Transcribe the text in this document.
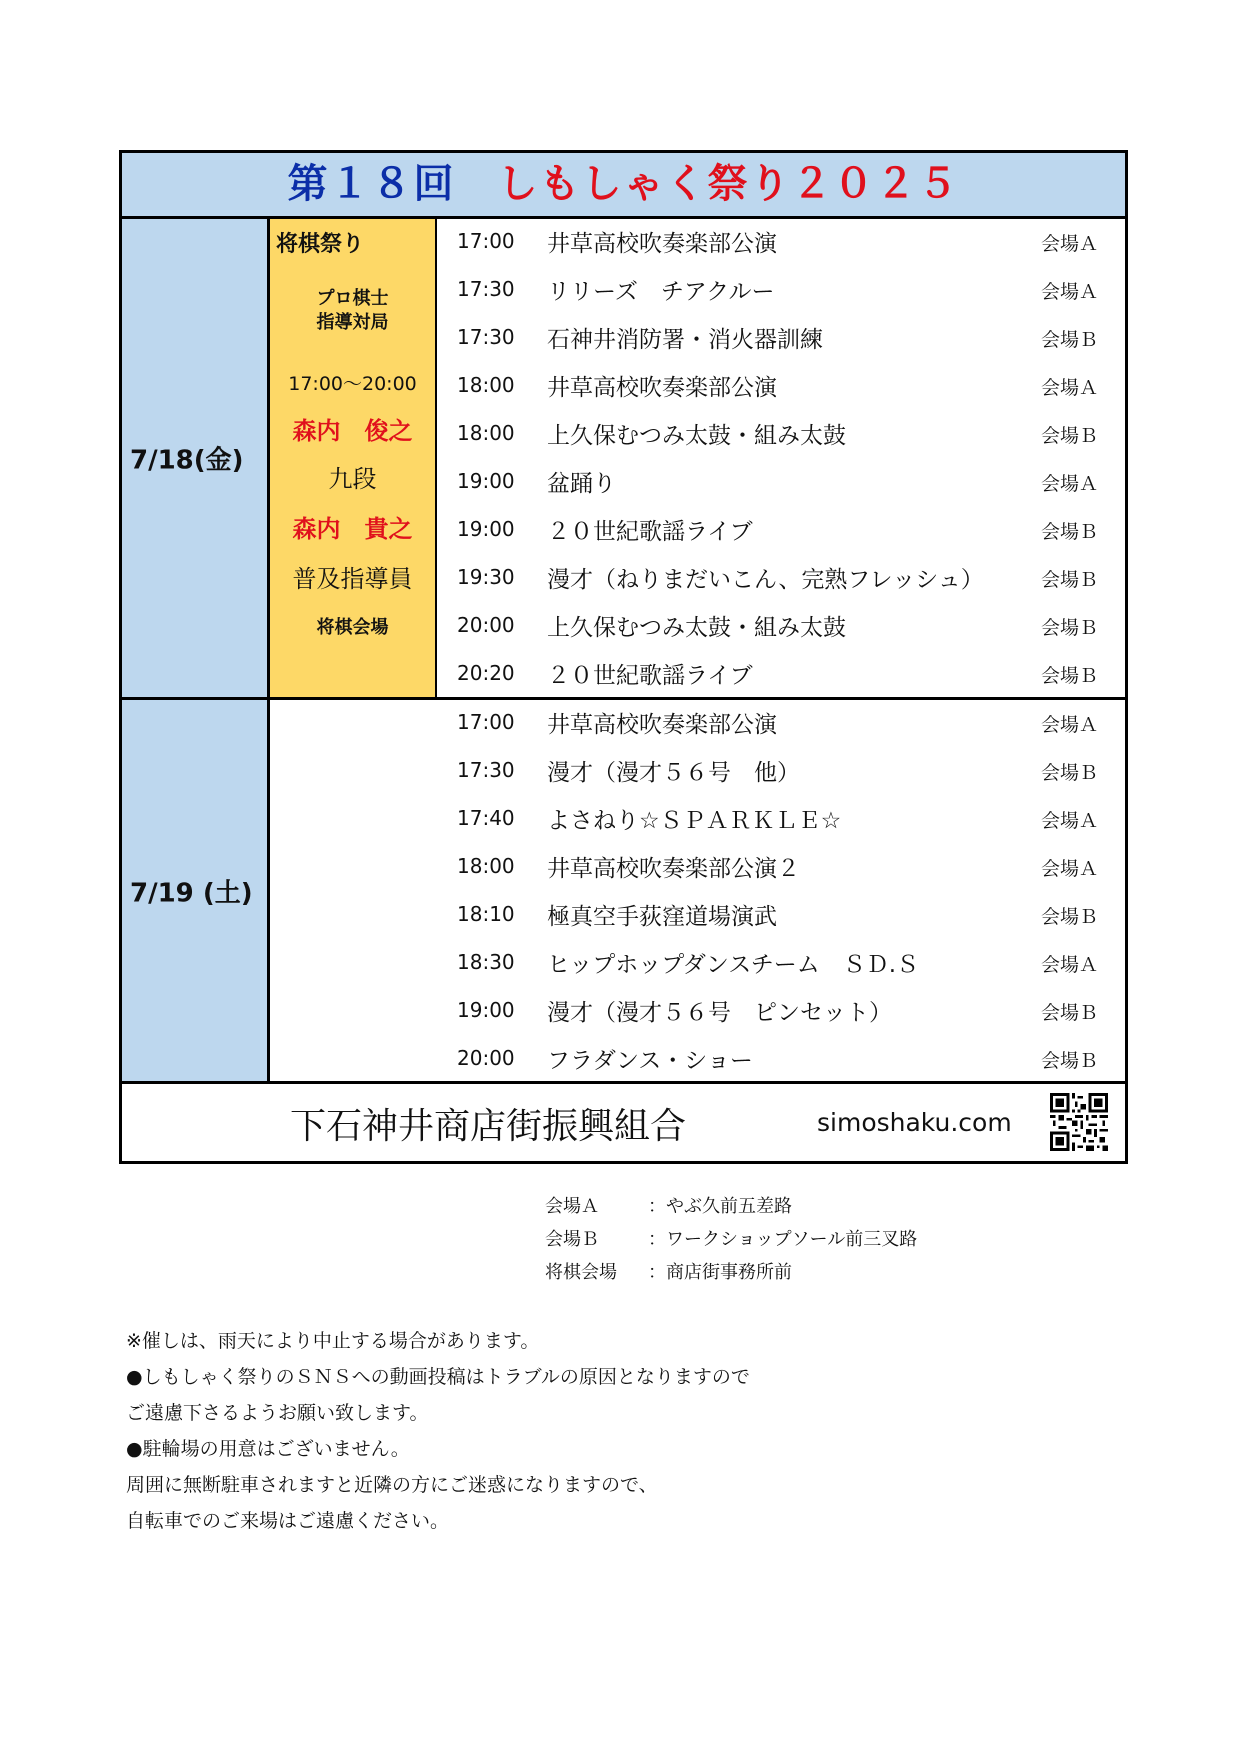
第１８回　 しもしゃく祭り２０２５
7/18(金)
将棋祭り
プロ棋士
指導対局
17:00～20:00
森内　俊之
九段
森内　貴之
普及指導員
将棋会場
17:00 井草高校吹奏楽部公演	会場Ａ
17:30 リリーズ　チアクルー	会場Ａ
17:30 石神井消防署・消火器訓練	会場Ｂ
18:00 井草高校吹奏楽部公演	会場Ａ
18:00 上久保むつみ太鼓・組み太鼓	会場Ｂ
19:00 盆踊り	会場Ａ
19:00 ２０世紀歌謡ライブ	会場Ｂ
19:30 漫才（ねりまだいこん、完熟フレッシュ）	会場Ｂ
20:00 上久保むつみ太鼓・組み太鼓	会場Ｂ
20:20 ２０世紀歌謡ライブ	会場Ｂ
7/19 (土)
17:00 井草高校吹奏楽部公演	会場Ａ
17:30 漫才（漫才５６号　他）	会場Ｂ
17:40 よさねり☆ＳＰＡＲＫＬＥ☆	会場Ａ
18:00 井草高校吹奏楽部公演２	会場Ａ
18:10 極真空手荻窪道場演武	会場Ｂ
18:30 ヒップホップダンスチーム　ＳＤ.Ｓ	会場Ａ
19:00 漫才（漫才５６号　ピンセット）	会場Ｂ
20:00 フラダンス・ショー	会場Ｂ
下石神井商店街振興組合	simoshaku.com
会場Ａ	：やぶ久前五差路
会場Ｂ	：ワークショップソール前三叉路
将棋会場 ：商店街事務所前
※催しは、雨天により中止する場合があります。
●しもしゃく祭りのＳＮＳへの動画投稿はトラブルの原因となりますので
ご遠慮下さるようお願い致します。
●駐輪場の用意はございません。
周囲に無断駐車されますと近隣の方にご迷惑になりますので、
自転車でのご来場はご遠慮ください。
